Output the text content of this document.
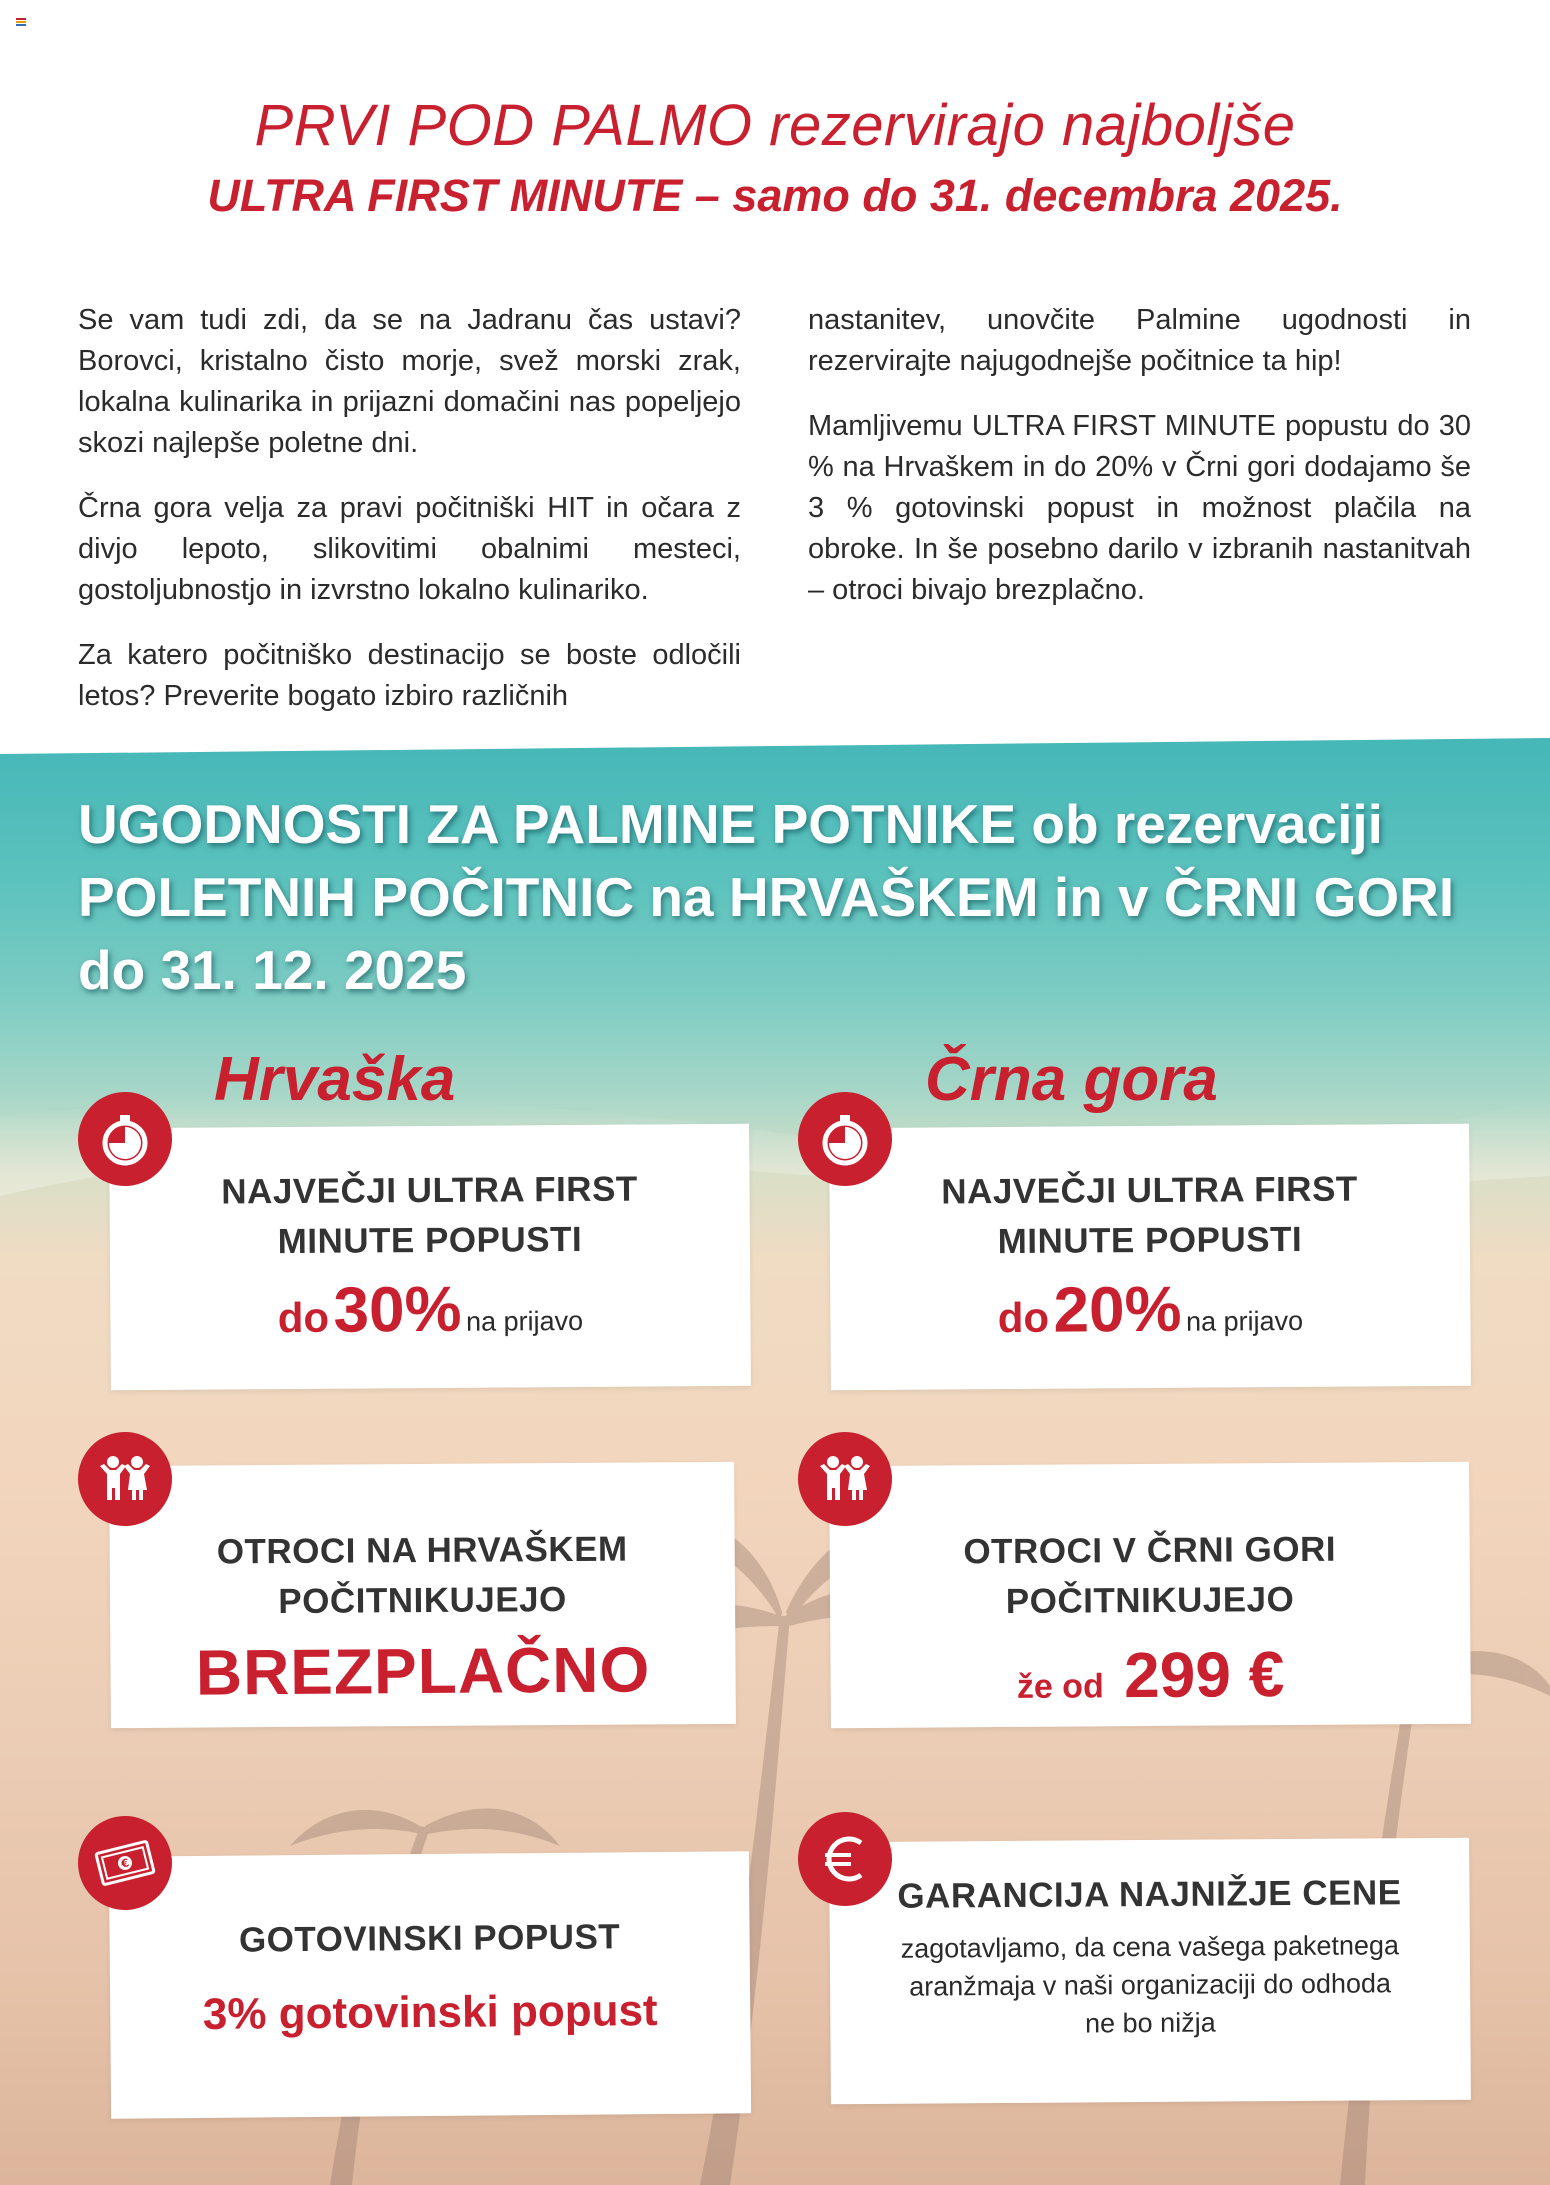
PRVI POD PALMO rezervirajo najboljše
ULTRA FIRST MINUTE – samo do 31. decembra 2025.

Se vam tudi zdi, da se na Jadranu čas ustavi? Borovci, kristalno čisto morje, svež morski zrak, lokalna kulinarika in prijazni domačini nas popeljejo skozi najlepše poletne dni.

Črna gora velja za pravi počitniški HIT in očara z divjo lepoto, slikovitimi obalnimi mesteci, gostoljubnostjo in izvrstno lokalno kulinariko.

Za katero počitniško destinacijo se boste odločili letos? Preverite bogato izbiro različnih

nastanitev, unovčite Palmine ugodnosti in rezervirajte najugodnejše počitnice ta hip!

Mamljivemu ULTRA FIRST MINUTE popustu do 30 % na Hrvaškem in do 20% v Črni gori dodajamo še 3 % gotovinski popust in možnost plačila na obroke. In še posebno darilo v izbranih nastanitvah – otroci bivajo brezplačno.

UGODNOSTI ZA PALMINE POTNIKE ob rezervaciji POLETNIH POČITNIC na HRVAŠKEM in v ČRNI GORI do 31. 12. 2025
Hrvaška	Črna gora
NAJVEČJI ULTRA FIRST
MINUTE POPUSTI
do 30% na prijavo
NAJVEČJI ULTRA FIRST
MINUTE POPUSTI
do 20% na prijavo
OTROCI NA HRVAŠKEM
POČITNIKUJEJO
BREZPLAČNO
OTROCI V ČRNI GORI
POČITNIKUJEJO
že od 299 €
GOTOVINSKI POPUST
3% gotovinski popust
€
GARANCIJA NAJNIŽJE CENE
zagotavljamo, da cena vašega paketnega
aranžmaja v naši organizaciji do odhoda
ne bo nižja
